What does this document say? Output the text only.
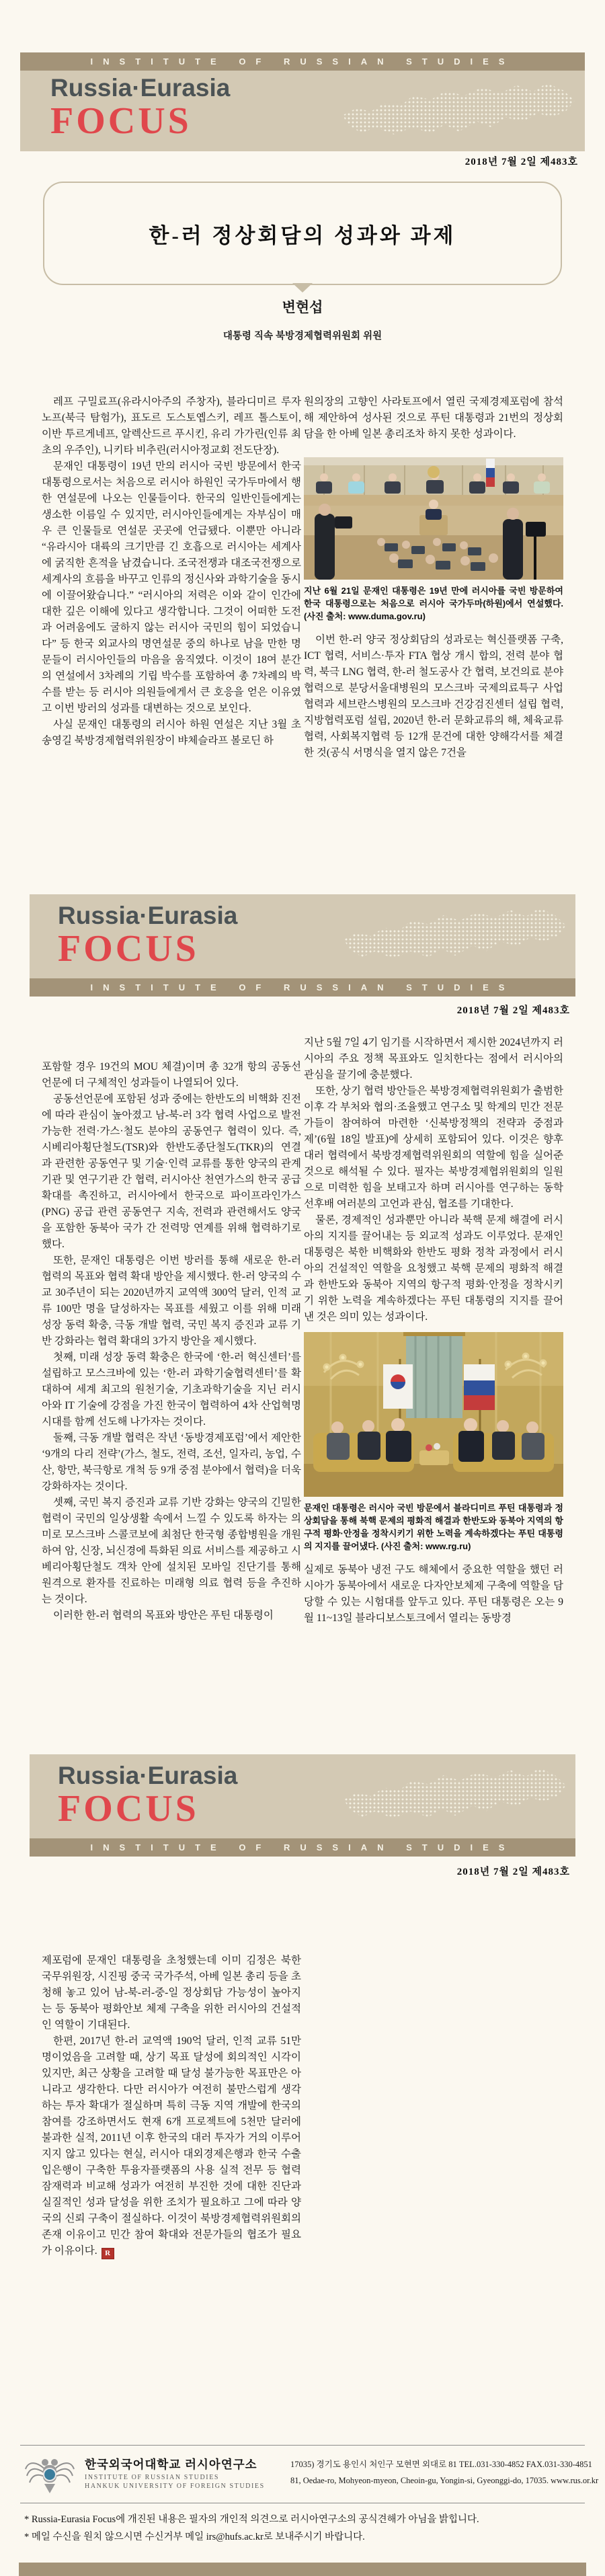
INSTITUTE OF RUSSIAN STUDIES
Russia·Eurasia
FOCUS
2018년 7월 2일 제483호
한-러 정상회담의 성과와 과제
변현섭
대통령 직속 북방경제협력위원회 위원

레프 구밀료프(유라시아주의 주창자), 블라디미르 루자노프(북극 탐험가), 표도르 도스토옙스키, 레프 톨스토이, 이반 투르게네프, 알렉산드르 푸시킨, 유리 가가린(인류 최초의 우주인), 니키타 비추린(러시아정교회 전도단장).

문재인 대통령이 19년 만의 러시아 국빈 방문에서 한국 대통령으로서는 처음으로 러시아 하원인 국가두마에서 행한 연설문에 나오는 인물들이다. 한국의 일반인들에게는 생소한 이름일 수 있지만, 러시아인들에게는 자부심이 매우 큰 인물들로 연설문 곳곳에 언급됐다. 이뿐만 아니라 “유라시아 대륙의 크기만큼 긴 호흡으로 러시아는 세계사에 굵직한 흔적을 남겼습니다. 조국전쟁과 대조국전쟁으로 세계사의 흐름을 바꾸고 인류의 정신사와 과학기술을 동시에 이끌어왔습니다.” “러시아의 저력은 이와 같이 인간에 대한 깊은 이해에 있다고 생각합니다. 그것이 어떠한 도전과 어려움에도 굴하지 않는 러시아 국민의 힘이 되었습니다” 등 한국 외교사의 명연설문 중의 하나로 남을 만한 명문들이 러시아인들의 마음을 움직였다. 이것이 18여 분간의 연설에서 3차례의 기립 박수를 포함하여 총 7차례의 박수를 받는 등 러시아 의원들에게서 큰 호응을 얻은 이유였고 이번 방러의 성과를 대변하는 것으로 보인다.

사실 문재인 대통령의 러시아 하원 연설은 지난 3월 초 송영길 북방경제협력위원장이 뱌체슬라프 볼로딘 하

원의장의 고향인 사라토프에서 열린 국제경제포럼에 참석해 제안하여 성사된 것으로 푸틴 대통령과 21번의 정상회담을 한 아베 일본 총리조차 하지 못한 성과이다.

지난 6월 21일 문재인 대통령은 19년 만에 러시아를 국빈 방문하여 한국 대통령으로는 처음으로 러시아 국가두마(하원)에서 연설했다. (사진 출처: www.duma.gov.ru)

이번 한-러 양국 정상회담의 성과로는 혁신플랫폼 구축, ICT 협력, 서비스·투자 FTA 협상 개시 합의, 전력 분야 협력, 북극 LNG 협력, 한-러 철도공사 간 협력, 보건의료 분야 협력으로 분당서울대병원의 모스크바 국제의료특구 사업 협력과 세브란스병원의 모스크바 건강검진센터 설립 협력, 지방협력포럼 설립, 2020년 한-러 문화교류의 해, 체육교류협력, 사회복지협력 등 12개 문건에 대한 양해각서를 체결한 것(공식 서명식을 열지 않은 7건을

Russia·Eurasia
FOCUS
INSTITUTE OF RUSSIAN STUDIES
2018년 7월 2일 제483호

포함할 경우 19건의 MOU 체결)이며 총 32개 항의 공동선언문에 더 구체적인 성과들이 나열되어 있다.

공동선언문에 포함된 성과 중에는 한반도의 비핵화 진전에 따라 관심이 높아졌고 남-북-러 3각 협력 사업으로 발전 가능한 전력·가스·철도 분야의 공동연구 협력이 있다. 즉, 시베리아횡단철도(TSR)와 한반도종단철도(TKR)의 연결과 관련한 공동연구 및 기술·인력 교류를 통한 양국의 관계기관 및 연구기관 간 협력, 러시아산 천연가스의 한국 공급 확대를 촉진하고, 러시아에서 한국으로 파이프라인가스(PNG) 공급 관련 공동연구 지속, 전력과 관련해서도 양국을 포함한 동북아 국가 간 전력망 연계를 위해 협력하기로 했다.

또한, 문재인 대통령은 이번 방러를 통해 새로운 한-러 협력의 목표와 협력 확대 방안을 제시했다. 한-러 양국의 수교 30주년이 되는 2020년까지 교역액 300억 달러, 인적 교류 100만 명을 달성하자는 목표를 세웠고 이를 위해 미래 성장 동력 확충, 극동 개발 협력, 국민 복지 증진과 교류 기반 강화라는 협력 확대의 3가지 방안을 제시했다.

첫째, 미래 성장 동력 확충은 한국에 ‘한-러 혁신센터’를 설립하고 모스크바에 있는 ‘한-러 과학기술협력센터’를 확대하여 세계 최고의 원천기술, 기초과학기술을 지닌 러시아와 IT 기술에 강점을 가진 한국이 협력하여 4차 산업혁명 시대를 함께 선도해 나가자는 것이다.

둘째, 극동 개발 협력은 작년 ‘동방경제포럼’에서 제안한 ‘9개의 다리 전략’(가스, 철도, 전력, 조선, 일자리, 농업, 수산, 항만, 북극항로 개척 등 9개 중점 분야에서 협력)을 더욱 강화하자는 것이다.

셋째, 국민 복지 증진과 교류 기반 강화는 양국의 긴밀한 협력이 국민의 일상생활 속에서 느낄 수 있도록 하자는 의미로 모스크바 스콜코보에 최첨단 한국형 종합병원을 개원하여 암, 신장, 뇌신경에 특화된 의료 서비스를 제공하고 시베리아횡단철도 객차 안에 설치된 모바일 진단기를 통해 원격으로 환자를 진료하는 미래형 의료 협력 등을 추진하는 것이다.

이러한 한-러 협력의 목표와 방안은 푸틴 대통령이

지난 5월 7일 4기 임기를 시작하면서 제시한 2024년까지 러시아의 주요 정책 목표와도 일치한다는 점에서 러시아의 관심을 끌기에 충분했다.

또한, 상기 협력 방안들은 북방경제협력위원회가 출범한 이후 각 부처와 협의·조율했고 연구소 및 학계의 민간 전문가들이 참여하여 마련한 ‘신북방정책의 전략과 중점과제’(6월 18일 발표)에 상세히 포함되어 있다. 이것은 향후 대러 협력에서 북방경제협력위원회의 역할에 힘을 실어준 것으로 해석될 수 있다. 필자는 북방경제협위원회의 일원으로 미력한 힘을 보태고자 하며 러시아를 연구하는 동학 선후배 여러분의 고언과 관심, 협조를 기대한다.

물론, 경제적인 성과뿐만 아니라 북핵 문제 해결에 러시아의 지지를 끌어내는 등 외교적 성과도 이루었다. 문재인 대통령은 북한 비핵화와 한반도 평화 정착 과정에서 러시아의 건설적인 역할을 요청했고 북핵 문제의 평화적 해결과 한반도와 동북아 지역의 항구적 평화·안정을 정착시키기 위한 노력을 계속하겠다는 푸틴 대통령의 지지를 끌어낸 것은 의미 있는 성과이다.

문재인 대통령은 러시아 국빈 방문에서 블라디미르 푸틴 대통령과 정상회담을 통해 북핵 문제의 평화적 해결과 한반도와 동북아 지역의 항구적 평화·안정을 정착시키기 위한 노력을 계속하겠다는 푸틴 대통령의 지지를 끌어냈다. (사진 출처: www.rg.ru)

실제로 동북아 냉전 구도 해체에서 중요한 역할을 했던 러시아가 동북아에서 새로운 다자안보체제 구축에 역할을 담당할 수 있는 시험대를 앞두고 있다. 푸틴 대통령은 오는 9월 11~13일 블라디보스토크에서 열리는 동방경

Russia·Eurasia
FOCUS
INSTITUTE OF RUSSIAN STUDIES
2018년 7월 2일 제483호

제포럼에 문재인 대통령을 초청했는데 이미 김정은 북한 국무위원장, 시진핑 중국 국가주석, 아베 일본 총리 등을 초청해 놓고 있어 남-북-러-중-일 정상회담 가능성이 높아지는 등 동북아 평화안보 체제 구축을 위한 러시아의 건설적인 역할이 기대된다.

한편, 2017년 한-러 교역액 190억 달러, 인적 교류 51만 명이었음을 고려할 때, 상기 목표 달성에 회의적인 시각이 있지만, 최근 상황을 고려할 때 달성 불가능한 목표만은 아니라고 생각한다. 다만 러시아가 여전히 불만스럽게 생각하는 투자 확대가 절실하며 특히 극동 지역 개발에 한국의 참여를 강조하면서도 현재 6개 프로젝트에 5천만 달러에 불과한 실적, 2011년 이후 한국의 대러 투자가 거의 이루어지지 않고 있다는 현실, 러시아 대외경제은행과 한국 수출입은행이 구축한 투융자플랫폼의 사용 실적 전무 등 협력 잠재력과 비교해 성과가 여전히 부진한 것에 대한 진단과 실질적인 성과 달성을 위한 조치가 필요하고 그에 따라 양국의 신뢰 구축이 절실하다. 이것이 북방경제협력위원회의 존재 이유이고 민간 참여 확대와 전문가들의 협조가 필요가 이유이다. R

한국외국어대학교 러시아연구소
INSTITUTE OF RUSSIAN STUDIES
HANKUK UNIVERSITY OF FOREIGN STUDIES
17035) 경기도 용인시 처인구 모현면 외대로 81 TEL.031-330-4852 FAX.031-330-4851
81, Oedae-ro, Mohyeon-myeon, Cheoin-gu, Yongin-si, Gyeonggi-do, 17035. www.rus.or.kr
* Russia-Eurasia Focus에 개진된 내용은 필자의 개인적 의견으로 러시아연구소의 공식견해가 아님을 밝힙니다.
* 메일 수신을 원치 않으시면 수신거부 메일 irs@hufs.ac.kr로 보내주시기 바랍니다.
